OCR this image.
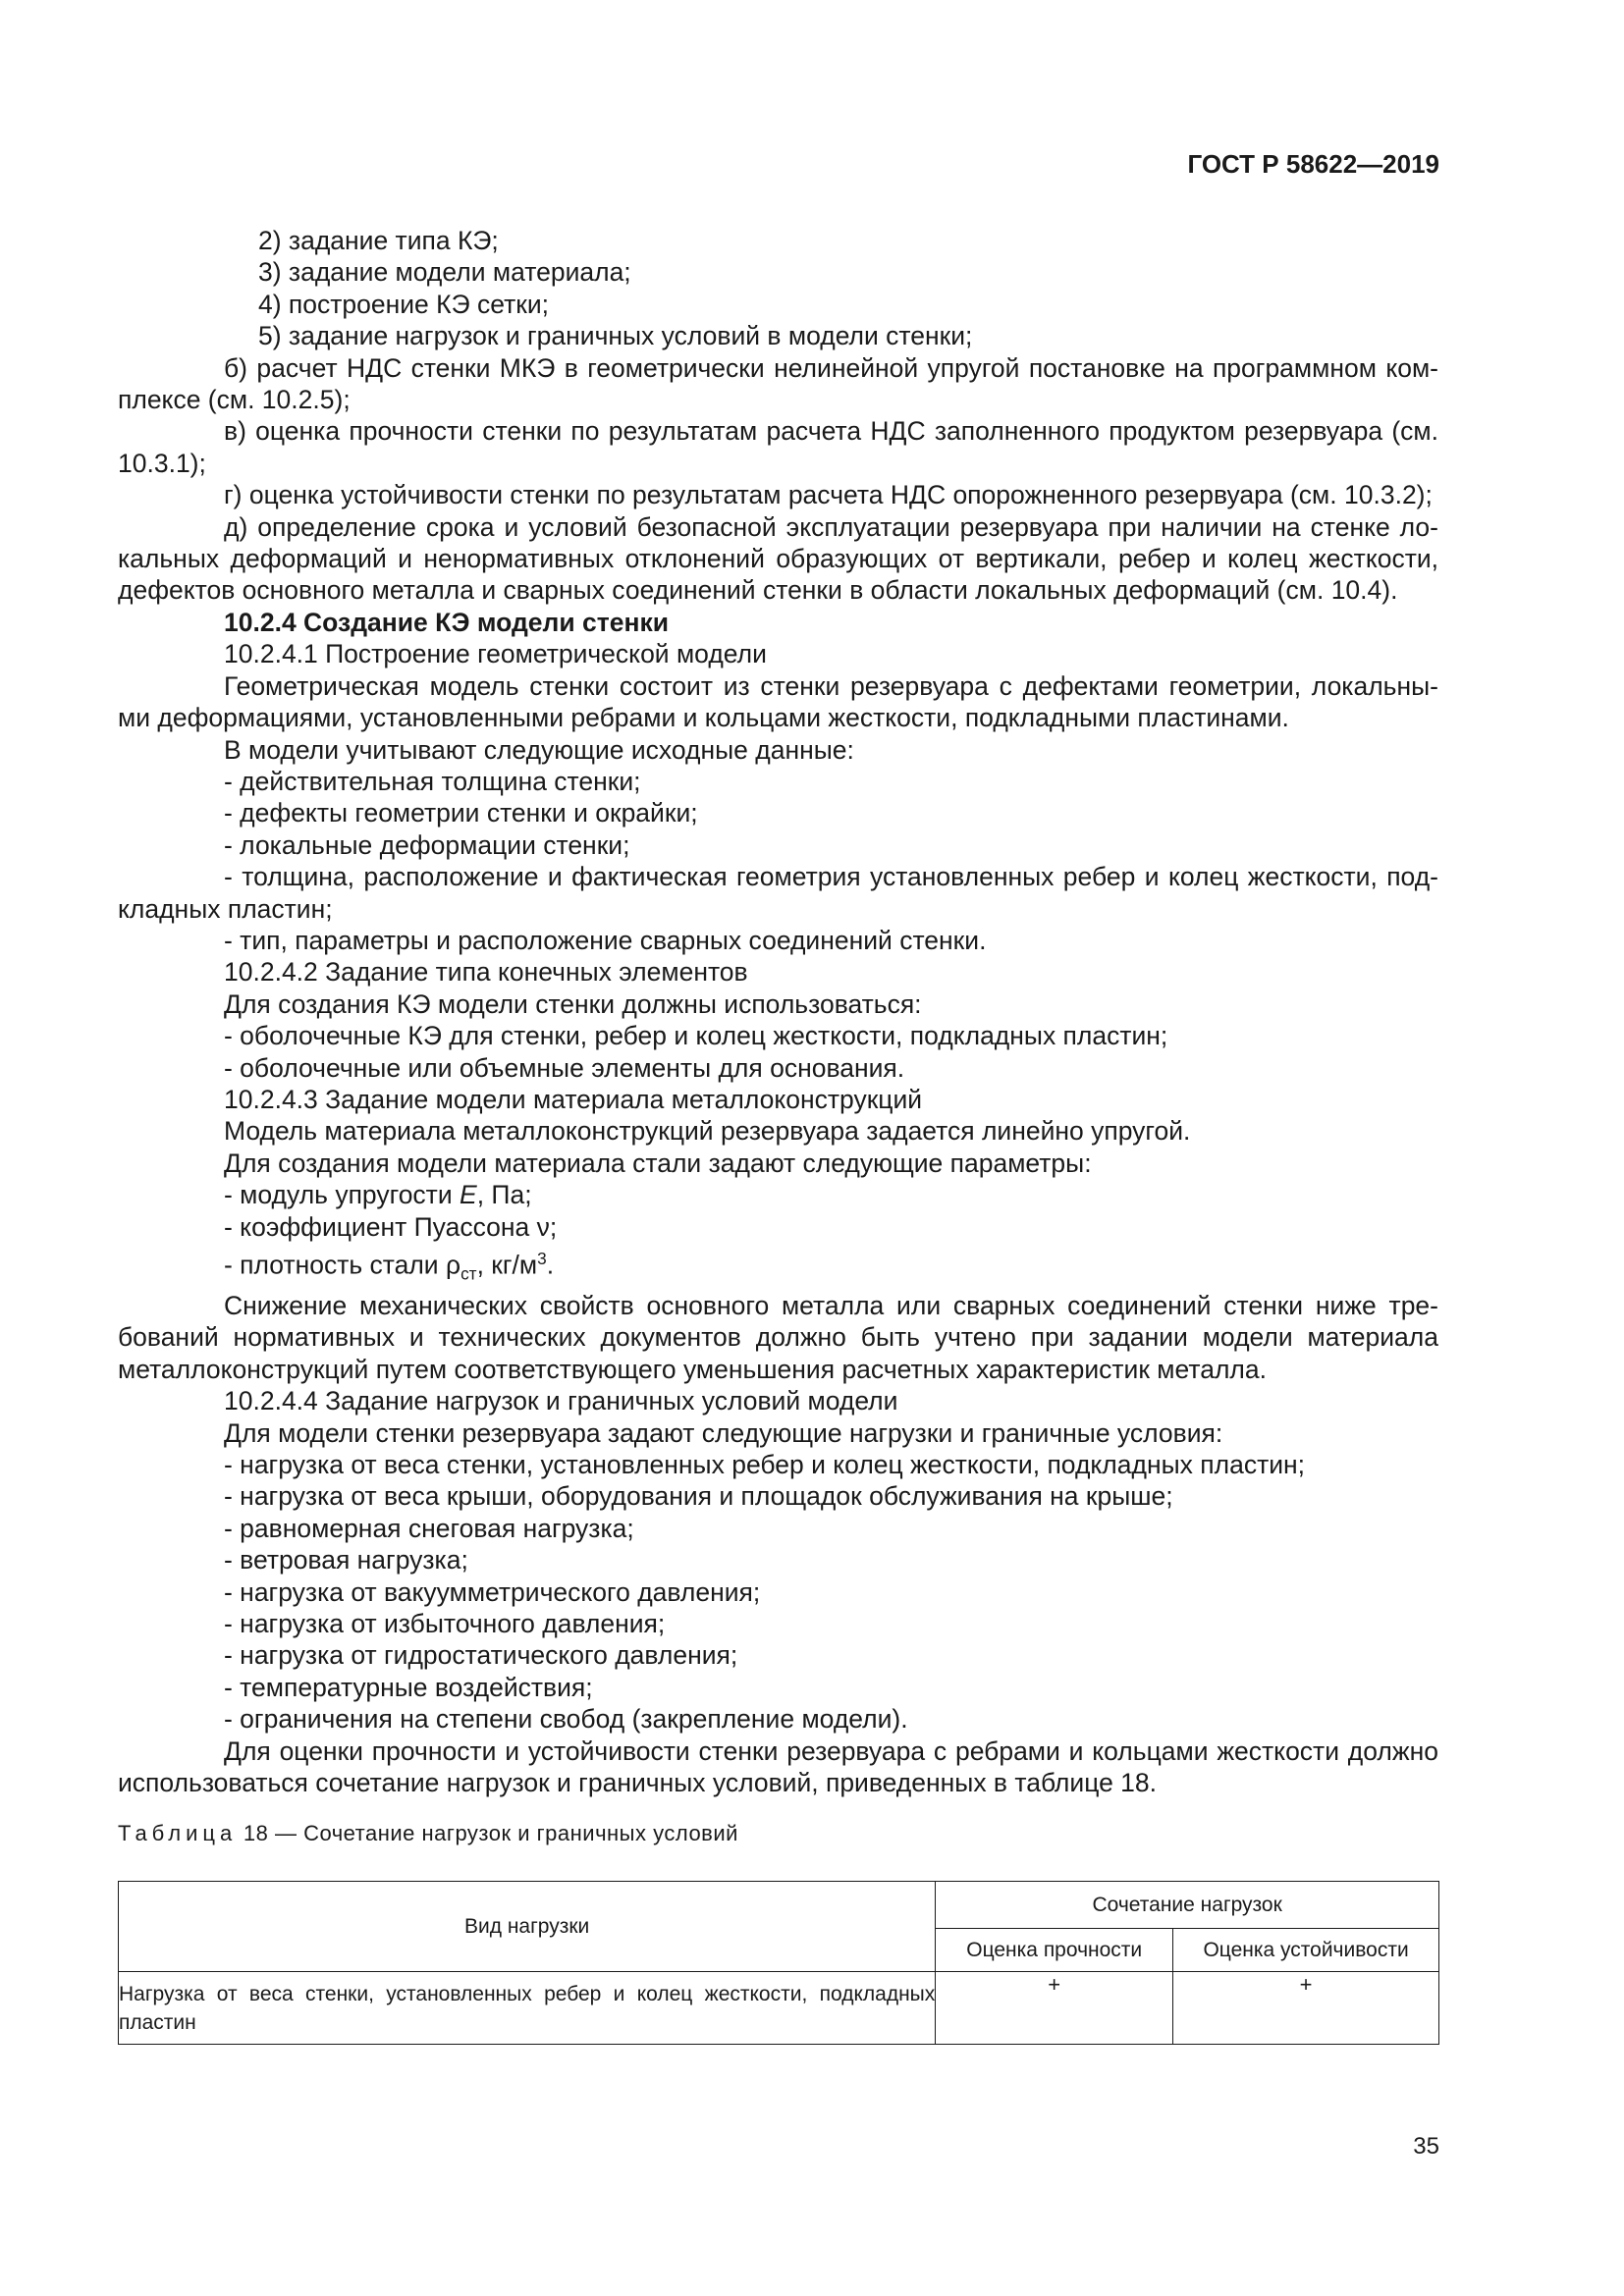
ГОСТ Р 58622—2019

2) задание типа КЭ;

3) задание модели материала;

4) построение КЭ сетки;

5) задание нагрузок и граничных условий в модели стенки;

б) расчет НДС стенки МКЭ в геометрически нелинейной упругой постановке на программном ком-

плексе (см. 10.2.5);

в) оценка прочности стенки по результатам расчета НДС заполненного продуктом резервуара (см.

10.3.1);

г) оценка устойчивости стенки по результатам расчета НДС опорожненного резервуара (см. 10.3.2);

д) определение срока и условий безопасной эксплуатации резервуара при наличии на стенке ло-

кальных деформаций и ненормативных отклонений образующих от вертикали, ребер и колец жесткости,

дефектов основного металла и сварных соединений стенки в области локальных деформаций (см. 10.4).

10.2.4 Создание КЭ модели стенки

10.2.4.1 Построение геометрической модели

Геометрическая модель стенки состоит из стенки резервуара с дефектами геометрии, локальны-

ми деформациями, установленными ребрами и кольцами жесткости, подкладными пластинами.

В модели учитывают следующие исходные данные:

- действительная толщина стенки;

- дефекты геометрии стенки и окрайки;

- локальные деформации стенки;

- толщина, расположение и фактическая геометрия установленных ребер и колец жесткости, под-

кладных пластин;

- тип, параметры и расположение сварных соединений стенки.

10.2.4.2 Задание типа конечных элементов

Для создания КЭ модели стенки должны использоваться:

- оболочечные КЭ для стенки, ребер и колец жесткости, подкладных пластин;

- оболочечные или объемные элементы для основания.

10.2.4.3 Задание модели материала металлоконструкций

Модель материала металлоконструкций резервуара задается линейно упругой.

Для создания модели материала стали задают следующие параметры:

- модуль упругости E, Па;

- коэффициент Пуассона ν;

- плотность стали $\rho_{ст}$, $кг/м^3$.

Снижение механических свойств основного металла или сварных соединений стенки ниже тре-

бований нормативных и технических документов должно быть учтено при задании модели материала

металлоконструкций путем соответствующего уменьшения расчетных характеристик металла.

10.2.4.4 Задание нагрузок и граничных условий модели

Для модели стенки резервуара задают следующие нагрузки и граничные условия:

- нагрузка от веса стенки, установленных ребер и колец жесткости, подкладных пластин;

- нагрузка от веса крыши, оборудования и площадок обслуживания на крыше;

- равномерная снеговая нагрузка;

- ветровая нагрузка;

- нагрузка от вакуумметрического давления;

- нагрузка от избыточного давления;

- нагрузка от гидростатического давления;

- температурные воздействия;

- ограничения на степени свобод (закрепление модели).

Для оценки прочности и устойчивости стенки резервуара с ребрами и кольцами жесткости должно

использоваться сочетание нагрузок и граничных условий, приведенных в таблице 18.

Таблица 18 — Сочетание нагрузок и граничных условий
Вид нагрузки	Сочетание нагрузок	
	Оценка прочности	Оценка устойчивости
Нагрузка от веса стенки, установленных ребер и колец жесткости, подкладных пластин	+	+
35
